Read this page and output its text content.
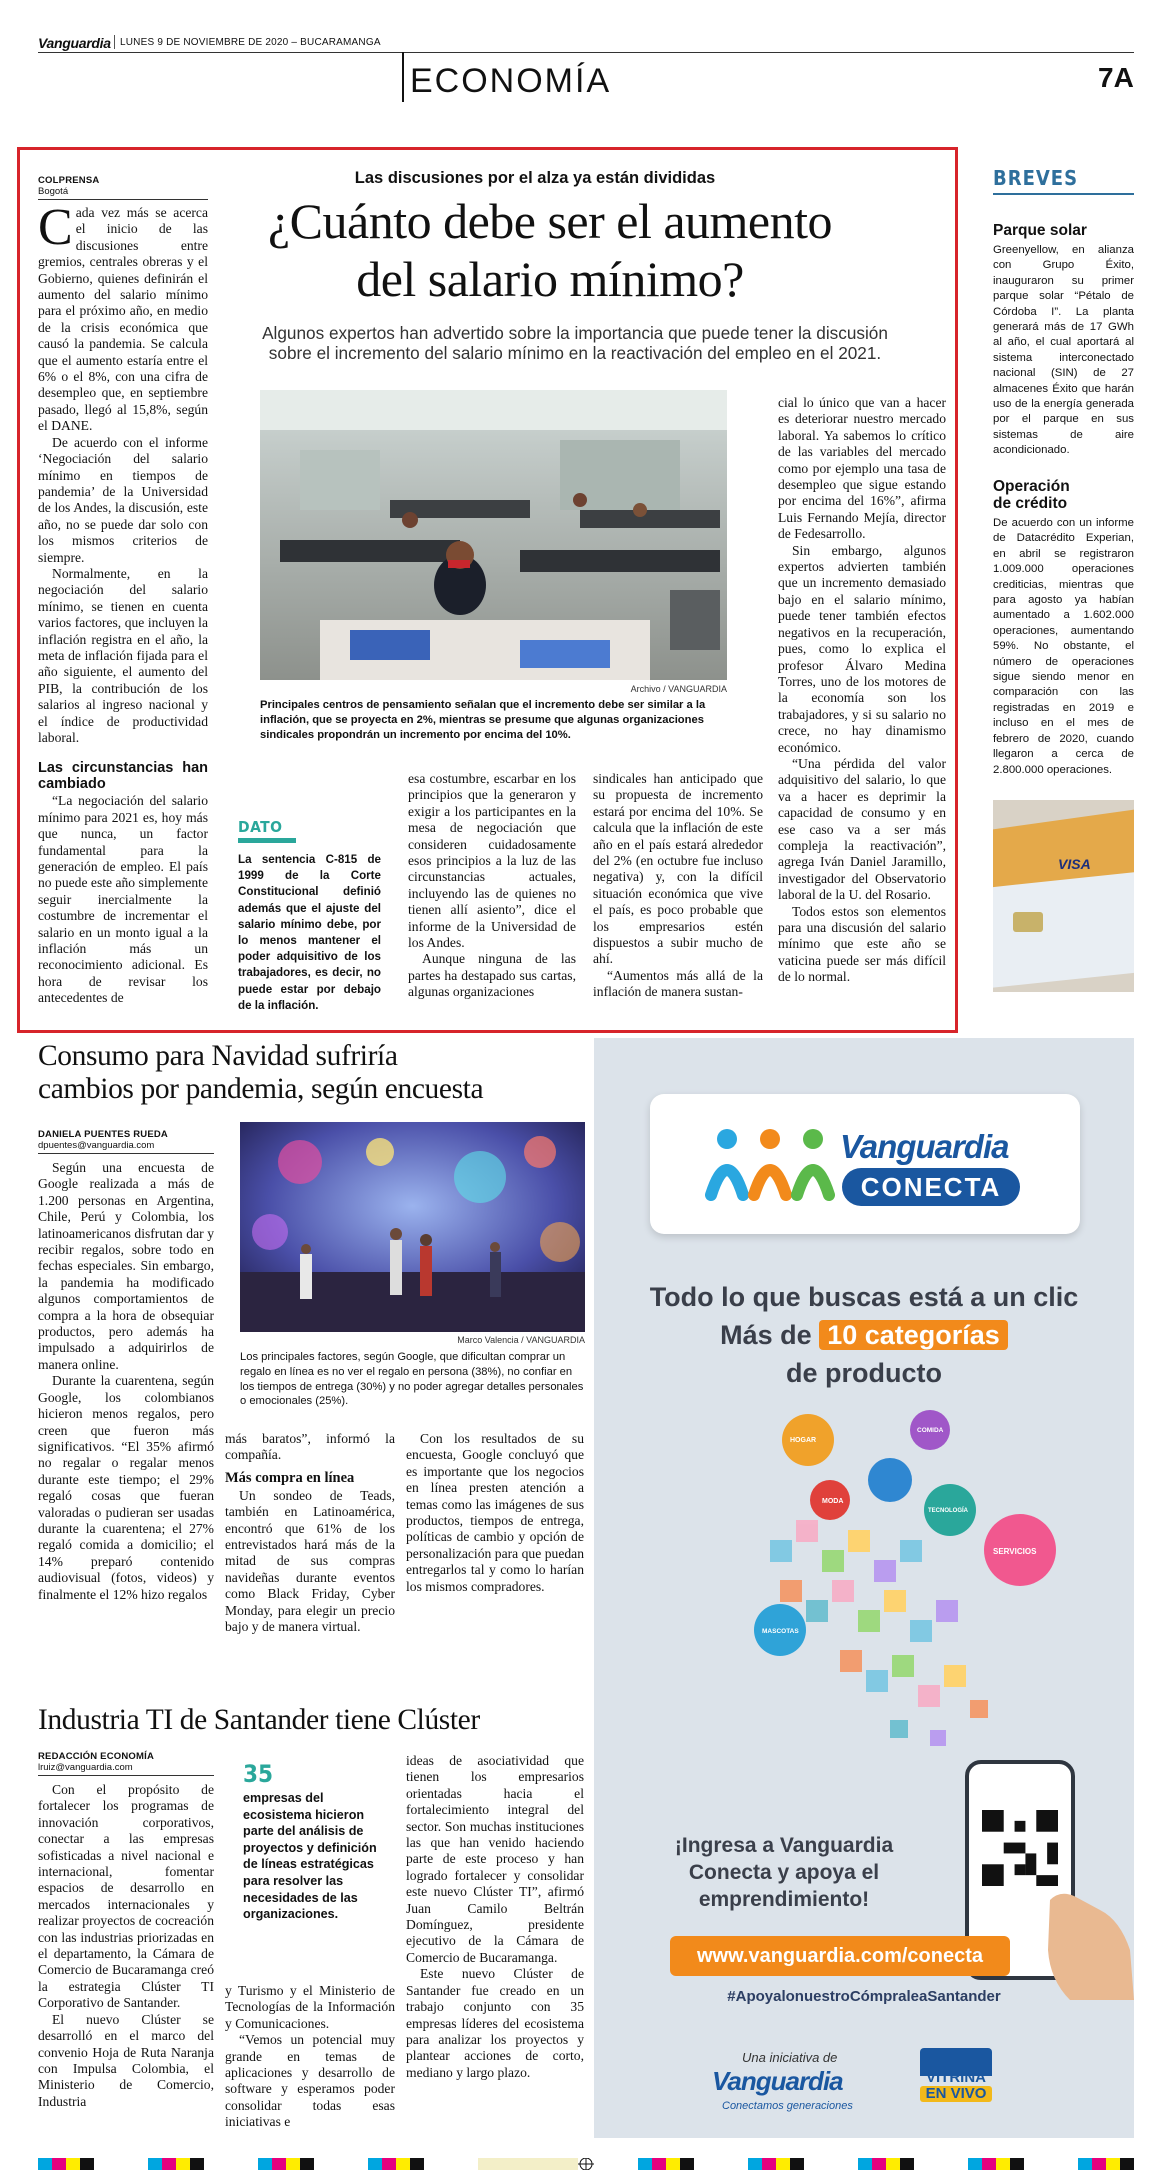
Vanguardia LUNES 9 DE NOVIEMBRE DE 2020 – BUCARAMANGA
ECONOMÍA	7A
Las discusiones por el alza ya están divididas
¿Cuánto debe ser el aumento
del salario mínimo?
Algunos expertos han advertido sobre la importancia que puede tener la discusión sobre el incremento del salario mínimo en la reactivación del empleo en el 2021.
COLPRENSA
Bogotá

Cada vez más se acerca el inicio de las discusiones entre gremios, centrales obreras y el Gobierno, quienes definirán el aumento del salario mínimo para el próximo año, en medio de la crisis económica que causó la pandemia. Se calcula que el aumento estaría entre el 6% o el 8%, con una cifra de desempleo que, en septiembre pasado, llegó al 15,8%, según el DANE.

De acuerdo con el informe ‘Negociación del salario mínimo en tiempos de pandemia’ de la Universidad de los Andes, la discusión, este año, no se puede dar solo con los mismos criterios de siempre.

Normalmente, en la negociación del salario mínimo, se tienen en cuenta varios factores, que incluyen la inflación registra en el año, la meta de inflación fijada para el año siguiente, el aumento del PIB, la contribución de los salarios al ingreso nacional y el índice de productividad laboral.

Las circunstancias han cambiado

“La negociación del salario mínimo para 2021 es, hoy más que nunca, un factor fundamental para la generación de empleo. El país no puede este año simplemente seguir inercialmente la costumbre de incrementar el salario en un monto igual a la inflación más un reconocimiento adicional. Es hora de revisar los antecedentes de

Archivo / VANGUARDIA
Principales centros de pensamiento señalan que el incremento debe ser similar a la inflación, que se proyecta en 2%, mientras se presume que algunas organizaciones sindicales propondrán un incremento por encima del 10%.
DATO
La sentencia C-815 de 1999 de la Corte Constitucional definió además que el ajuste del salario mínimo debe, por lo menos mantener el poder adquisitivo de los trabajadores, es decir, no puede estar por debajo de la inflación.

esa costumbre, escarbar en los principios que la generaron y exigir a los participantes en la mesa de negociación que consideren cuidadosamente esos principios a la luz de las circunstancias actuales, incluyendo las de quienes no tienen allí asiento”, dice el informe de la Universidad de los Andes.

Aunque ninguna de las partes ha destapado sus cartas, algunas organizaciones

sindicales han anticipado que su propuesta de incremento estará por encima del 10%. Se calcula que la inflación de este año en el país estará alrededor del 2% (en octubre fue incluso negativa) y, con la difícil situación económica que vive el país, es poco probable que los empresarios estén dispuestos a subir mucho de ahí.

“Aumentos más allá de la inflación de manera sustan-

cial lo único que van a hacer es deteriorar nuestro mercado laboral. Ya sabemos lo crítico de las variables del mercado como por ejemplo una tasa de desempleo que sigue estando por encima del 16%”, afirma Luis Fernando Mejía, director de Fedesarrollo.

Sin embargo, algunos expertos advierten también que un incremento demasiado bajo en el salario mínimo, puede tener también efectos negativos en la recuperación, pues, como lo explica el profesor Álvaro Medina Torres, uno de los motores de la economía son los trabajadores, y si su salario no crece, no hay dinamismo económico.

“Una pérdida del valor adquisitivo del salario, lo que va a hacer es deprimir la capacidad de consumo y en ese caso va a ser más compleja la reactivación”, agrega Iván Daniel Jaramillo, investigador del Observatorio laboral de la U. del Rosario.

Todos estos son elementos para una discusión del salario mínimo que este año se vaticina puede ser más difícil de lo normal.

BREVES
Parque solar
Greenyellow, en alianza con Grupo Éxito, inauguraron su primer parque solar “Pétalo de Córdoba I”. La planta generará más de 17 GWh al año, el cual aportará al sistema interconectado nacional (SIN) de 27 almacenes Éxito que harán uso de la energía generada por el parque en sus sistemas de aire acondicionado.
Operación
de crédito
De acuerdo con un informe de Datacrédito Experian, en abril se registraron 1.009.000 operaciones crediticias, mientras que para agosto ya habían aumentado a 1.602.000 operaciones, aumentando 59%. No obstante, el número de operaciones sigue siendo menor en comparación con las registradas en 2019 e incluso en el mes de febrero de 2020, cuando llegaron a cerca de 2.800.000 operaciones.
VISA
Consumo para Navidad sufriría
cambios por pandemia, según encuesta
DANIELA PUENTES RUEDA
dpuentes@vanguardia.com

Según una encuesta de Google realizada a más de 1.200 personas en Argentina, Chile, Perú y Colombia, los latinoamericanos disfrutan dar y recibir regalos, sobre todo en fechas especiales. Sin embargo, la pandemia ha modificado algunos comportamientos de compra a la hora de obsequiar productos, pero además ha impulsado a adquirirlos de manera online.

Durante la cuarentena, según Google, los colombianos hicieron menos regalos, pero creen que fueron más significativos. “El 35% afirmó no regalar o regalar menos durante este tiempo; el 29% regaló cosas que fueran valoradas o pudieran ser usadas durante la cuarentena; el 27% regaló comida a domicilio; el 14% preparó contenido audiovisual (fotos, videos) y finalmente el 12% hizo regalos

Marco Valencia / VANGUARDIA
Los principales factores, según Google, que dificultan comprar un regalo en línea es no ver el regalo en persona (38%), no confiar en los tiempos de entrega (30%) y no poder agregar detalles personales o emocionales (25%).

más baratos”, informó la compañía.

Más compra en línea

Un sondeo de Teads, también en Latinoamérica, encontró que 61% de los entrevistados hará más de la mitad de sus compras navideñas durante eventos como Black Friday, Cyber Monday, para elegir un precio bajo y de manera virtual.

Con los resultados de su encuesta, Google concluyó que es importante que los negocios en línea presten atención a temas como las imágenes de sus productos, tiempos de entrega, políticas de cambio y opción de personalización para que puedan entregarlos tal y como lo harían los mismos compradores.

Industria TI de Santander tiene Clúster
REDACCIÓN ECONOMÍA
lruiz@vanguardia.com

Con el propósito de fortalecer los programas de innovación corporativos, conectar a las empresas sofisticadas a nivel nacional e internacional, fomentar espacios de desarrollo en mercados internacionales y realizar proyectos de cocreación con las industrias priorizadas en el departamento, la Cámara de Comercio de Bucaramanga creó la estrategia Clúster TI Corporativo de Santander.

El nuevo Clúster se desarrolló en el marco del convenio Hoja de Ruta Naranja con Impulsa Colombia, el Ministerio de Comercio, Industria

35
empresas del ecosistema hicieron parte del análisis de proyectos y definición de líneas estratégicas para resolver las necesidades de las organizaciones.

y Turismo y el Ministerio de Tecnologías de la Información y Comunicaciones.

“Vemos un potencial muy grande en temas de aplicaciones y desarrollo de software y esperamos poder consolidar todas esas iniciativas e

ideas de asociatividad que tienen los empresarios orientadas hacia el fortalecimiento integral del sector. Son muchas instituciones las que han venido haciendo parte de este proceso y han logrado fortalecer y consolidar este nuevo Clúster TI”, afirmó Juan Camilo Beltrán Domínguez, presidente ejecutivo de la Cámara de Comercio de Bucaramanga.

Este nuevo Clúster de Santander fue creado en un trabajo conjunto con 35 empresas líderes del ecosistema para analizar los proyectos y plantear acciones de corto, mediano y largo plazo.

Vanguardia
CONECTA
Todo lo que buscas está a un clic
Más de 10 categorías
de producto
HOGAR
MODA
TECNOLOGÍA
SERVICIOS
MASCOTAS
COMIDA
¡Ingresa a Vanguardia
Conecta y apoya el
emprendimiento!
www.vanguardia.com/conecta
#ApoyalonuestroCómpraleaSantander
Una iniciativa de
Vanguardia
Conectamos generaciones
VITRINA
EN VIVO
